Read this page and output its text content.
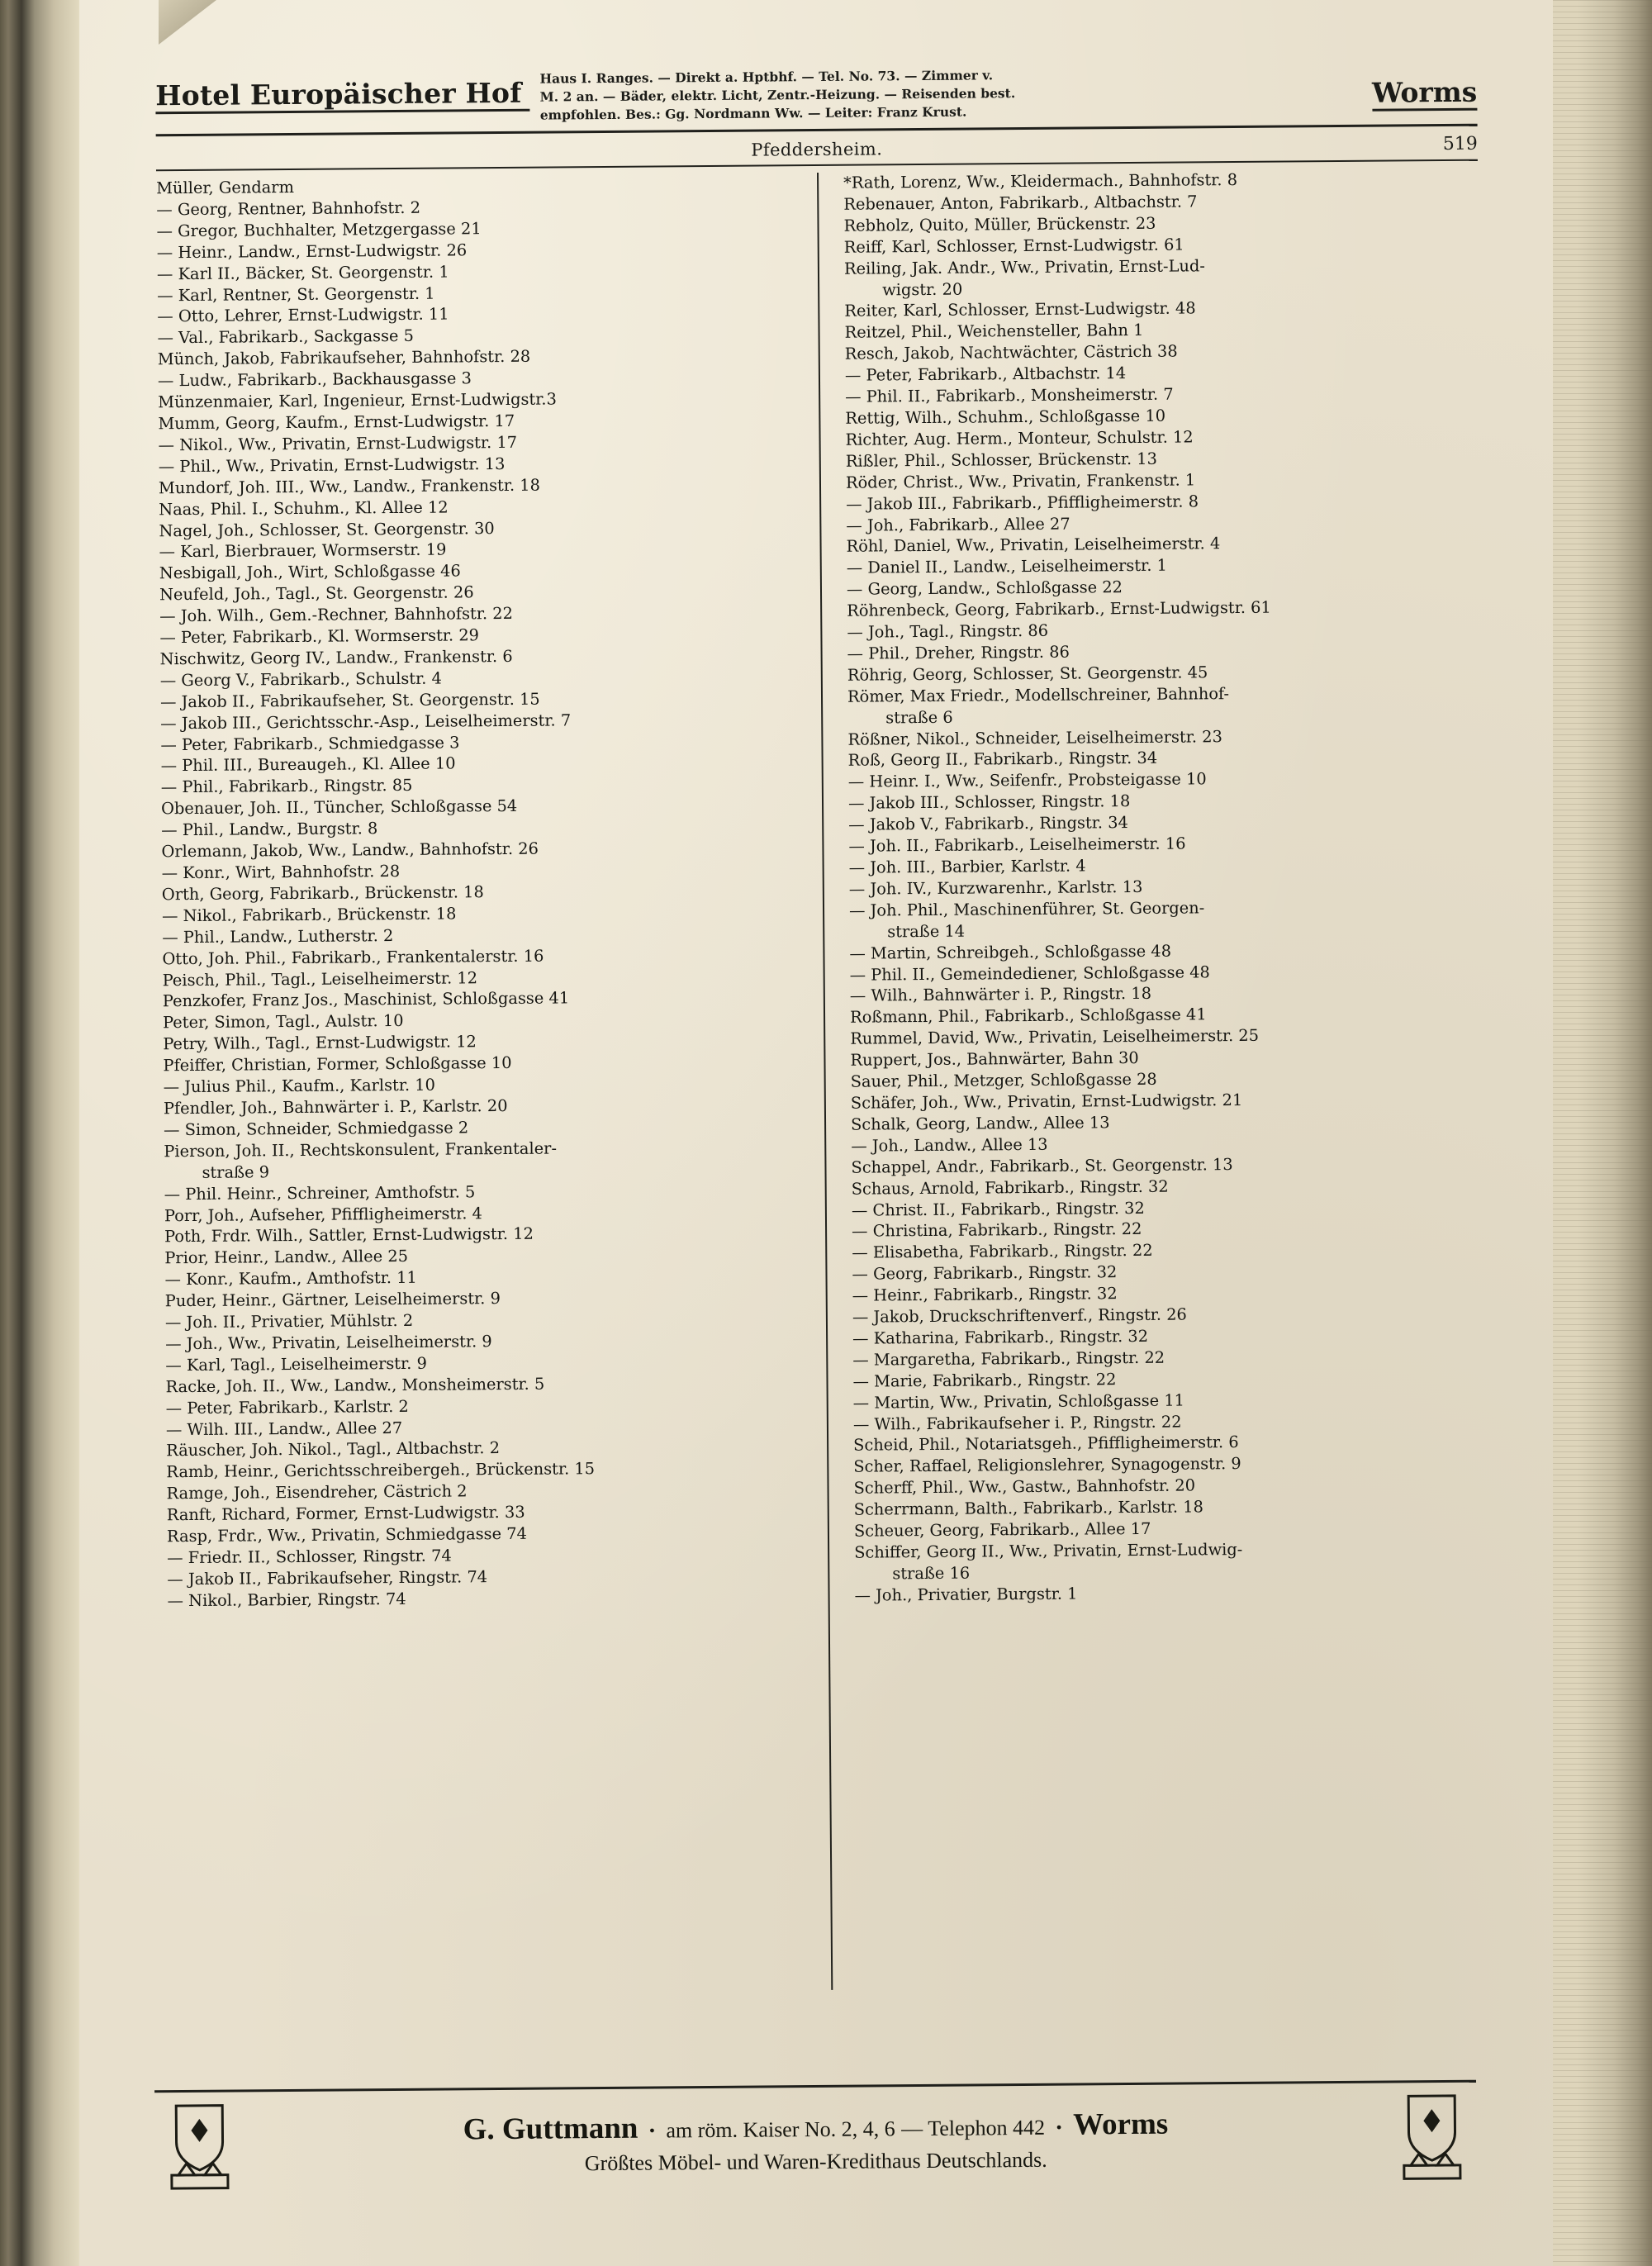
Hotel Europäischer Hof	Haus I. Ranges. — Direkt a. Hptbhf. — Tel. No. 73. — Zimmer v.
M. 2 an. — Bäder, elektr. Licht, Zentr.-Heizung. — Reisenden best.
empfohlen. Bes.: Gg. Nordmann Ww. — Leiter: Franz Krust.
Worms
Pfeddersheim.	519
Müller, Gendarm
— Georg, Rentner, Bahnhofstr. 2
— Gregor, Buchhalter, Metzgergasse 21
— Heinr., Landw., Ernst-Ludwigstr. 26
— Karl II., Bäcker, St. Georgenstr. 1
— Karl, Rentner, St. Georgenstr. 1
— Otto, Lehrer, Ernst-Ludwigstr. 11
— Val., Fabrikarb., Sackgasse 5
Münch, Jakob, Fabrikaufseher, Bahnhofstr. 28
— Ludw., Fabrikarb., Backhausgasse 3
Münzenmaier, Karl, Ingenieur, Ernst-Ludwigstr.3
Mumm, Georg, Kaufm., Ernst-Ludwigstr. 17
— Nikol., Ww., Privatin, Ernst-Ludwigstr. 17
— Phil., Ww., Privatin, Ernst-Ludwigstr. 13
Mundorf, Joh. III., Ww., Landw., Frankenstr. 18
Naas, Phil. I., Schuhm., Kl. Allee 12
Nagel, Joh., Schlosser, St. Georgenstr. 30
— Karl, Bierbrauer, Wormserstr. 19
Nesbigall, Joh., Wirt, Schloßgasse 46
Neufeld, Joh., Tagl., St. Georgenstr. 26
— Joh. Wilh., Gem.-Rechner, Bahnhofstr. 22
— Peter, Fabrikarb., Kl. Wormserstr. 29
Nischwitz, Georg IV., Landw., Frankenstr. 6
— Georg V., Fabrikarb., Schulstr. 4
— Jakob II., Fabrikaufseher, St. Georgenstr. 15
— Jakob III., Gerichtsschr.-Asp., Leiselheimerstr. 7
— Peter, Fabrikarb., Schmiedgasse 3
— Phil. III., Bureaugeh., Kl. Allee 10
— Phil., Fabrikarb., Ringstr. 85
Obenauer, Joh. II., Tüncher, Schloßgasse 54
— Phil., Landw., Burgstr. 8
Orlemann, Jakob, Ww., Landw., Bahnhofstr. 26
— Konr., Wirt, Bahnhofstr. 28
Orth, Georg, Fabrikarb., Brückenstr. 18
— Nikol., Fabrikarb., Brückenstr. 18
— Phil., Landw., Lutherstr. 2
Otto, Joh. Phil., Fabrikarb., Frankentalerstr. 16
Peisch, Phil., Tagl., Leiselheimerstr. 12
Penzkofer, Franz Jos., Maschinist, Schloßgasse 41
Peter, Simon, Tagl., Aulstr. 10
Petry, Wilh., Tagl., Ernst-Ludwigstr. 12
Pfeiffer, Christian, Former, Schloßgasse 10
— Julius Phil., Kaufm., Karlstr. 10
Pfendler, Joh., Bahnwärter i. P., Karlstr. 20
— Simon, Schneider, Schmiedgasse 2
Pierson, Joh. II., Rechtskonsulent, Frankentaler-
straße 9
— Phil. Heinr., Schreiner, Amthofstr. 5
Porr, Joh., Aufseher, Pfiffligheimerstr. 4
Poth, Frdr. Wilh., Sattler, Ernst-Ludwigstr. 12
Prior, Heinr., Landw., Allee 25
— Konr., Kaufm., Amthofstr. 11
Puder, Heinr., Gärtner, Leiselheimerstr. 9
— Joh. II., Privatier, Mühlstr. 2
— Joh., Ww., Privatin, Leiselheimerstr. 9
— Karl, Tagl., Leiselheimerstr. 9
Racke, Joh. II., Ww., Landw., Monsheimerstr. 5
— Peter, Fabrikarb., Karlstr. 2
— Wilh. III., Landw., Allee 27
Räuscher, Joh. Nikol., Tagl., Altbachstr. 2
Ramb, Heinr., Gerichtsschreibergeh., Brückenstr. 15
Ramge, Joh., Eisendreher, Cästrich 2
Ranft, Richard, Former, Ernst-Ludwigstr. 33
Rasp, Frdr., Ww., Privatin, Schmiedgasse 74
— Friedr. II., Schlosser, Ringstr. 74
— Jakob II., Fabrikaufseher, Ringstr. 74
— Nikol., Barbier, Ringstr. 74
*Rath, Lorenz, Ww., Kleidermach., Bahnhofstr. 8
Rebenauer, Anton, Fabrikarb., Altbachstr. 7
Rebholz, Quito, Müller, Brückenstr. 23
Reiff, Karl, Schlosser, Ernst-Ludwigstr. 61
Reiling, Jak. Andr., Ww., Privatin, Ernst-Lud-
wigstr. 20
Reiter, Karl, Schlosser, Ernst-Ludwigstr. 48
Reitzel, Phil., Weichensteller, Bahn 1
Resch, Jakob, Nachtwächter, Cästrich 38
— Peter, Fabrikarb., Altbachstr. 14
— Phil. II., Fabrikarb., Monsheimerstr. 7
Rettig, Wilh., Schuhm., Schloßgasse 10
Richter, Aug. Herm., Monteur, Schulstr. 12
Rißler, Phil., Schlosser, Brückenstr. 13
Röder, Christ., Ww., Privatin, Frankenstr. 1
— Jakob III., Fabrikarb., Pfiffligheimerstr. 8
— Joh., Fabrikarb., Allee 27
Röhl, Daniel, Ww., Privatin, Leiselheimerstr. 4
— Daniel II., Landw., Leiselheimerstr. 1
— Georg, Landw., Schloßgasse 22
Röhrenbeck, Georg, Fabrikarb., Ernst-Ludwigstr. 61
— Joh., Tagl., Ringstr. 86
— Phil., Dreher, Ringstr. 86
Röhrig, Georg, Schlosser, St. Georgenstr. 45
Römer, Max Friedr., Modellschreiner, Bahnhof-
straße 6
Rößner, Nikol., Schneider, Leiselheimerstr. 23
Roß, Georg II., Fabrikarb., Ringstr. 34
— Heinr. I., Ww., Seifenfr., Probsteigasse 10
— Jakob III., Schlosser, Ringstr. 18
— Jakob V., Fabrikarb., Ringstr. 34
— Joh. II., Fabrikarb., Leiselheimerstr. 16
— Joh. III., Barbier, Karlstr. 4
— Joh. IV., Kurzwarenhr., Karlstr. 13
— Joh. Phil., Maschinenführer, St. Georgen-
straße 14
— Martin, Schreibgeh., Schloßgasse 48
— Phil. II., Gemeindediener, Schloßgasse 48
— Wilh., Bahnwärter i. P., Ringstr. 18
Roßmann, Phil., Fabrikarb., Schloßgasse 41
Rummel, David, Ww., Privatin, Leiselheimerstr. 25
Ruppert, Jos., Bahnwärter, Bahn 30
Sauer, Phil., Metzger, Schloßgasse 28
Schäfer, Joh., Ww., Privatin, Ernst-Ludwigstr. 21
Schalk, Georg, Landw., Allee 13
— Joh., Landw., Allee 13
Schappel, Andr., Fabrikarb., St. Georgenstr. 13
Schaus, Arnold, Fabrikarb., Ringstr. 32
— Christ. II., Fabrikarb., Ringstr. 32
— Christina, Fabrikarb., Ringstr. 22
— Elisabetha, Fabrikarb., Ringstr. 22
— Georg, Fabrikarb., Ringstr. 32
— Heinr., Fabrikarb., Ringstr. 32
— Jakob, Druckschriftenverf., Ringstr. 26
— Katharina, Fabrikarb., Ringstr. 32
— Margaretha, Fabrikarb., Ringstr. 22
— Marie, Fabrikarb., Ringstr. 22
— Martin, Ww., Privatin, Schloßgasse 11
— Wilh., Fabrikaufseher i. P., Ringstr. 22
Scheid, Phil., Notariatsgeh., Pfiffligheimerstr. 6
Scher, Raffael, Religionslehrer, Synagogenstr. 9
Scherff, Phil., Ww., Gastw., Bahnhofstr. 20
Scherrmann, Balth., Fabrikarb., Karlstr. 18
Scheuer, Georg, Fabrikarb., Allee 17
Schiffer, Georg II., Ww., Privatin, Ernst-Ludwig-
straße 16
— Joh., Privatier, Burgstr. 1
G. Guttmann • am röm. Kaiser No. 2, 4, 6 — Telephon 442 • Worms
Größtes Möbel- und Waren-Kredithaus Deutschlands.
